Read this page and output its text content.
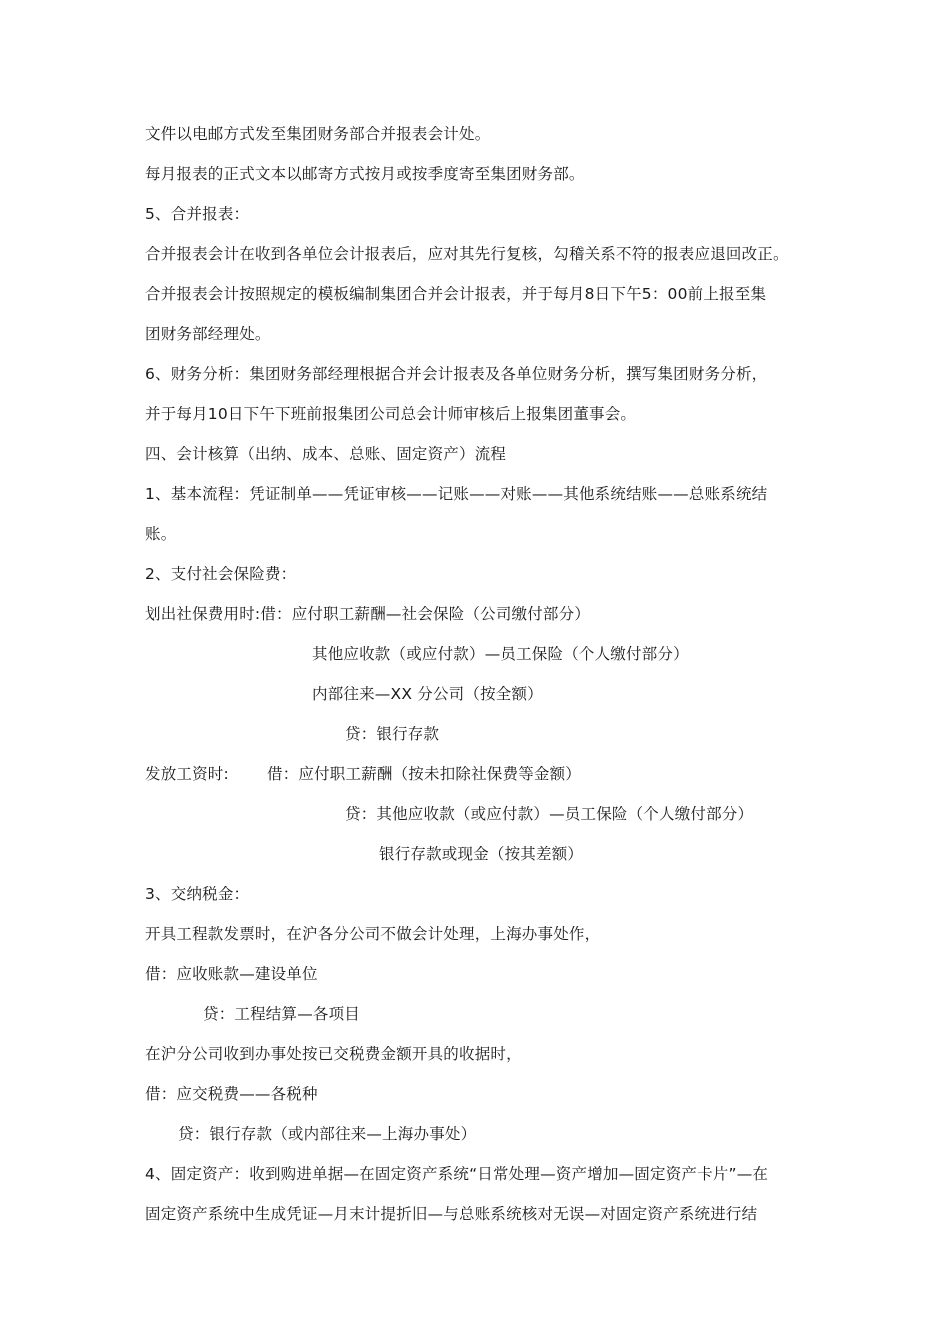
文件以电邮方式发至集团财务部合并报表会计处。
每月报表的正式文本以邮寄方式按月或按季度寄至集团财务部。
5、合并报表：
合并报表会计在收到各单位会计报表后，应对其先行复核，勾稽关系不符的报表应退回改正。
合并报表会计按照规定的模板编制集团合并会计报表，并于每月8日下午5：00前上报至集
团财务部经理处。
6、财务分析：集团财务部经理根据合并会计报表及各单位财务分析，撰写集团财务分析，
并于每月10日下午下班前报集团公司总会计师审核后上报集团董事会。
四、会计核算（出纳、成本、总账、固定资产）流程
1、基本流程：凭证制单——凭证审核——记账——对账——其他系统结账——总账系统结
账。
2、支付社会保险费：
划出社保费用时:借：应付职工薪酬—社会保险（公司缴付部分）
其他应收款（或应付款）—员工保险（个人缴付部分）
内部往来—XX 分公司（按全额）
贷：银行存款
发放工资时: 借：应付职工薪酬（按未扣除社保费等金额）
贷：其他应收款（或应付款）—员工保险（个人缴付部分）
银行存款或现金（按其差额）
3、交纳税金：
开具工程款发票时，在沪各分公司不做会计处理，上海办事处作，
借：应收账款—建设单位
贷：工程结算—各项目
在沪分公司收到办事处按已交税费金额开具的收据时，
借：应交税费——各税种
贷：银行存款（或内部往来—上海办事处）
4、固定资产：收到购进单据—在固定资产系统“日常处理—资产增加—固定资产卡片”—在
固定资产系统中生成凭证—月末计提折旧—与总账系统核对无误—对固定资产系统进行结
